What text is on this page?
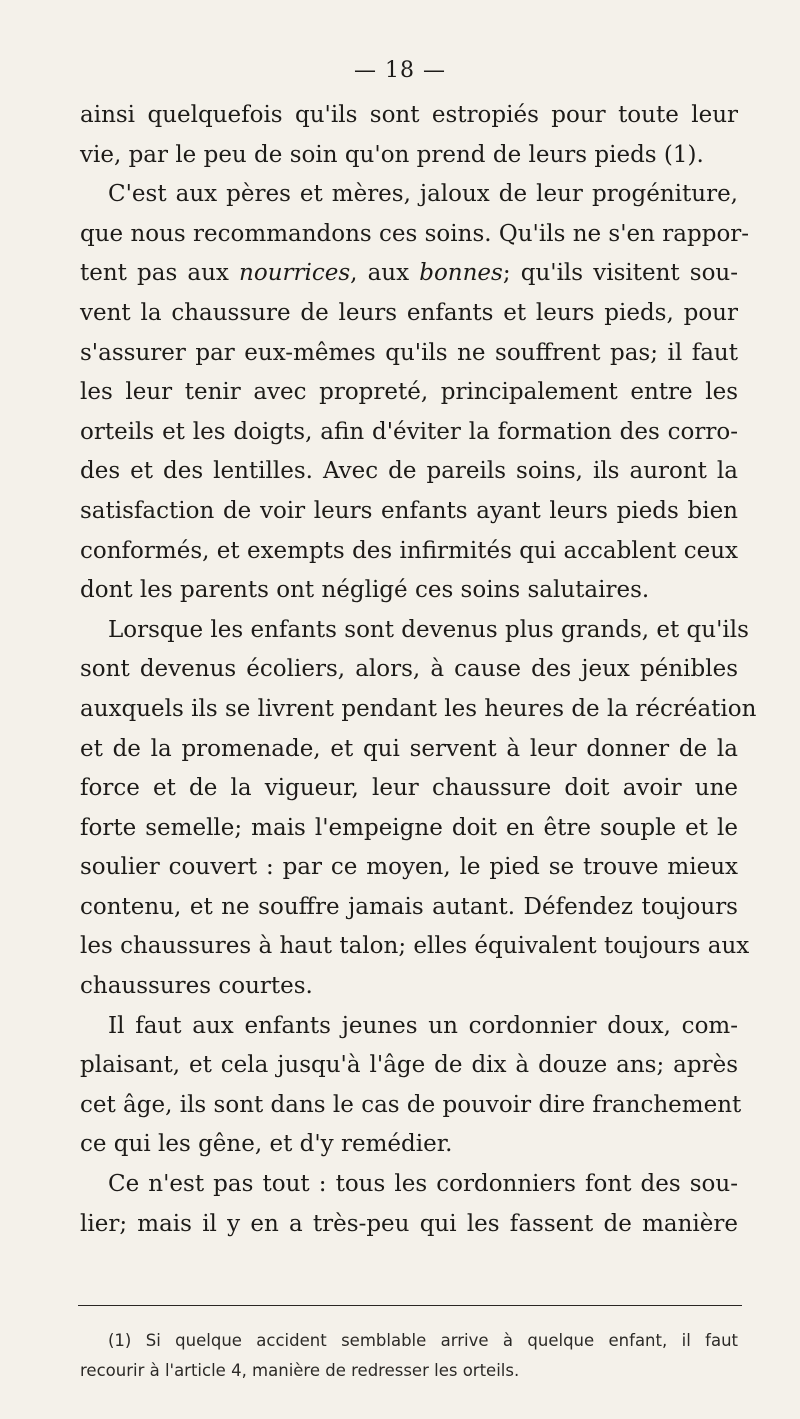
— 18 —
ainsi quelquefois qu'ils sont estropiés pour toute leur
vie, par le peu de soin qu'on prend de leurs pieds (1).
C'est aux pères et mères, jaloux de leur progéniture,
que nous recommandons ces soins. Qu'ils ne s'en rappor-
tent pas aux nourrices, aux bonnes; qu'ils visitent sou-
vent la chaussure de leurs enfants et leurs pieds, pour
s'assurer par eux-mêmes qu'ils ne souffrent pas; il faut
les leur tenir avec propreté, principalement entre les
orteils et les doigts, afin d'éviter la formation des corro-
des et des lentilles. Avec de pareils soins, ils auront la
satisfaction de voir leurs enfants ayant leurs pieds bien
conformés, et exempts des infirmités qui accablent ceux
dont les parents ont négligé ces soins salutaires.
Lorsque les enfants sont devenus plus grands, et qu'ils
sont devenus écoliers, alors, à cause des jeux pénibles
auxquels ils se livrent pendant les heures de la récréation
et de la promenade, et qui servent à leur donner de la
force et de la vigueur, leur chaussure doit avoir une
forte semelle; mais l'empeigne doit en être souple et le
soulier couvert : par ce moyen, le pied se trouve mieux
contenu, et ne souffre jamais autant. Défendez toujours
les chaussures à haut talon; elles équivalent toujours aux
chaussures courtes.
Il faut aux enfants jeunes un cordonnier doux, com-
plaisant, et cela jusqu'à l'âge de dix à douze ans; après
cet âge, ils sont dans le cas de pouvoir dire franchement
ce qui les gêne, et d'y remédier.
Ce n'est pas tout : tous les cordonniers font des sou-
lier; mais il y en a très-peu qui les fassent de manière
(1) Si quelque accident semblable arrive à quelque enfant, il faut
recourir à l'article 4, manière de redresser les orteils.
